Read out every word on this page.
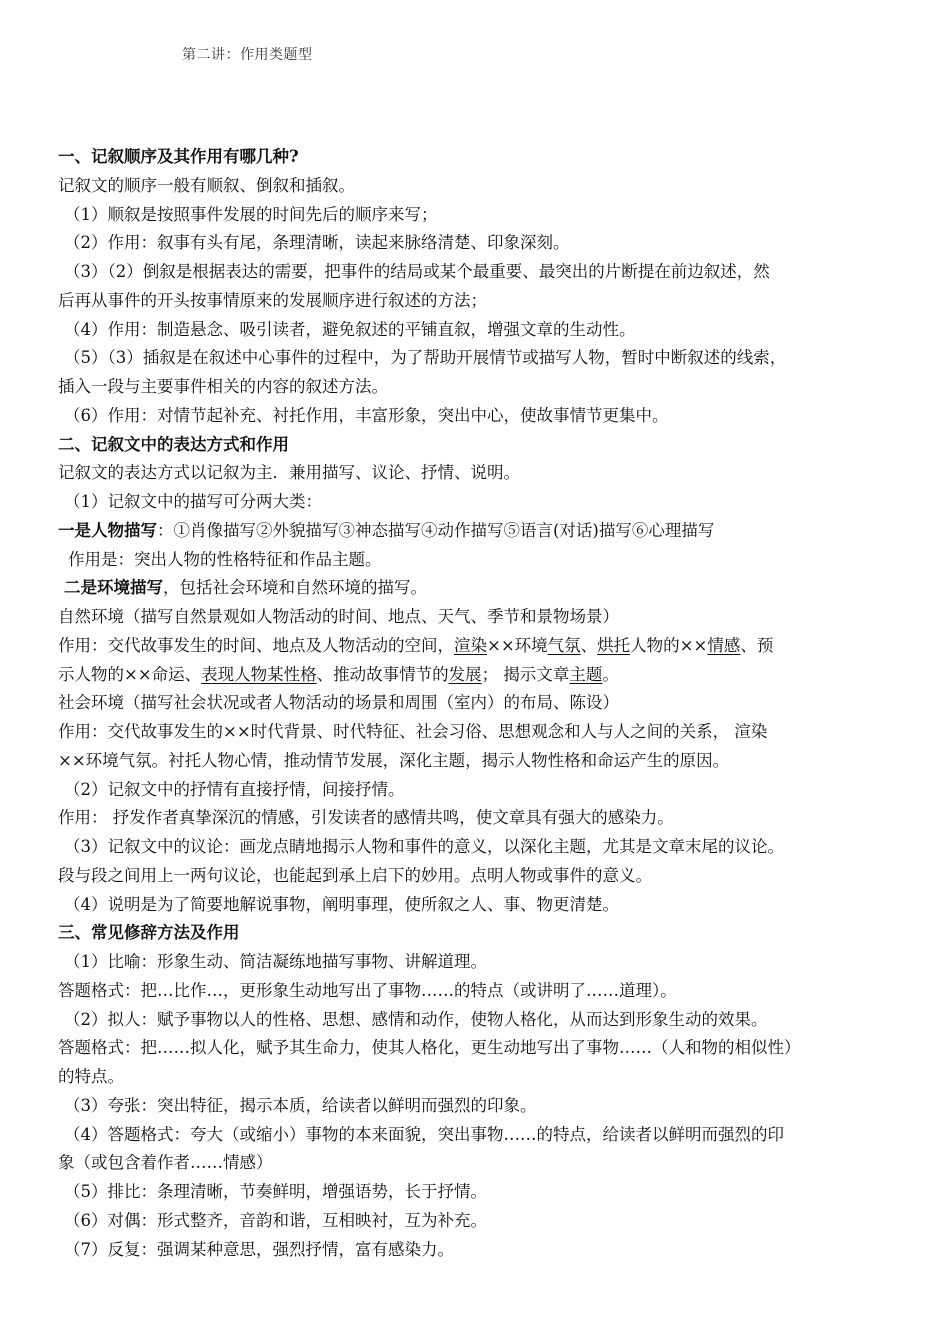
第二讲：作用类题型
一、记叙顺序及其作用有哪几种?
记叙文的顺序一般有顺叙、倒叙和插叙。
（1）顺叙是按照事件发展的时间先后的顺序来写；
（2）作用：叙事有头有尾，条理清晰，读起来脉络清楚、印象深刻。
（3）（2）倒叙是根据表达的需要，把事件的结局或某个最重要、最突出的片断提在前边叙述，然
后再从事件的开头按事情原来的发展顺序进行叙述的方法；
（4）作用：制造悬念、吸引读者，避免叙述的平铺直叙，增强文章的生动性。
（5）（3）插叙是在叙述中心事件的过程中，为了帮助开展情节或描写人物，暂时中断叙述的线索，
插入一段与主要事件相关的内容的叙述方法。
（6）作用：对情节起补充、衬托作用，丰富形象，突出中心，使故事情节更集中。
二、记叙文中的表达方式和作用
记叙文的表达方式以记叙为主．兼用描写、议论、抒情、说明。
（1）记叙文中的描写可分两大类：
一是人物描写：①肖像描写②外貌描写③神态描写④动作描写⑤语言(对话)描写⑥心理描写
作用是：突出人物的性格特征和作品主题。
二是环境描写，包括社会环境和自然环境的描写。
自然环境（描写自然景观如人物活动的时间、地点、天气、季节和景物场景）
作用：交代故事发生的时间、地点及人物活动的空间，渲染××环境气氛、烘托人物的××情感、预
示人物的××命运、表现人物某性格、推动故事情节的发展； 揭示文章主题。
社会环境（描写社会状况或者人物活动的场景和周围（室内）的布局、陈设）
作用：交代故事发生的××时代背景、时代特征、社会习俗、思想观念和人与人之间的关系， 渲染
××环境气氛。衬托人物心情，推动情节发展，深化主题，揭示人物性格和命运产生的原因。
（2）记叙文中的抒情有直接抒情，间接抒情。
作用： 抒发作者真挚深沉的情感，引发读者的感情共鸣，使文章具有强大的感染力。
（3）记叙文中的议论：画龙点睛地揭示人物和事件的意义，以深化主题，尤其是文章末尾的议论。
段与段之间用上一两句议论，也能起到承上启下的妙用。点明人物或事件的意义。
（4）说明是为了简要地解说事物，阐明事理，使所叙之人、事、物更清楚。
三、常见修辞方法及作用
（1）比喻：形象生动、简洁凝练地描写事物、讲解道理。
答题格式：把…比作…，更形象生动地写出了事物……的特点（或讲明了……道理）。
（2）拟人：赋予事物以人的性格、思想、感情和动作，使物人格化，从而达到形象生动的效果。
答题格式：把……拟人化，赋予其生命力，使其人格化，更生动地写出了事物……（人和物的相似性）
的特点。
（3）夸张：突出特征，揭示本质，给读者以鲜明而强烈的印象。
（4）答题格式：夸大（或缩小）事物的本来面貌，突出事物……的特点，给读者以鲜明而强烈的印
象（或包含着作者……情感）
（5）排比：条理清晰，节奏鲜明，增强语势，长于抒情。
（6）对偶：形式整齐，音韵和谐，互相映衬，互为补充。
（7）反复：强调某种意思，强烈抒情，富有感染力。
